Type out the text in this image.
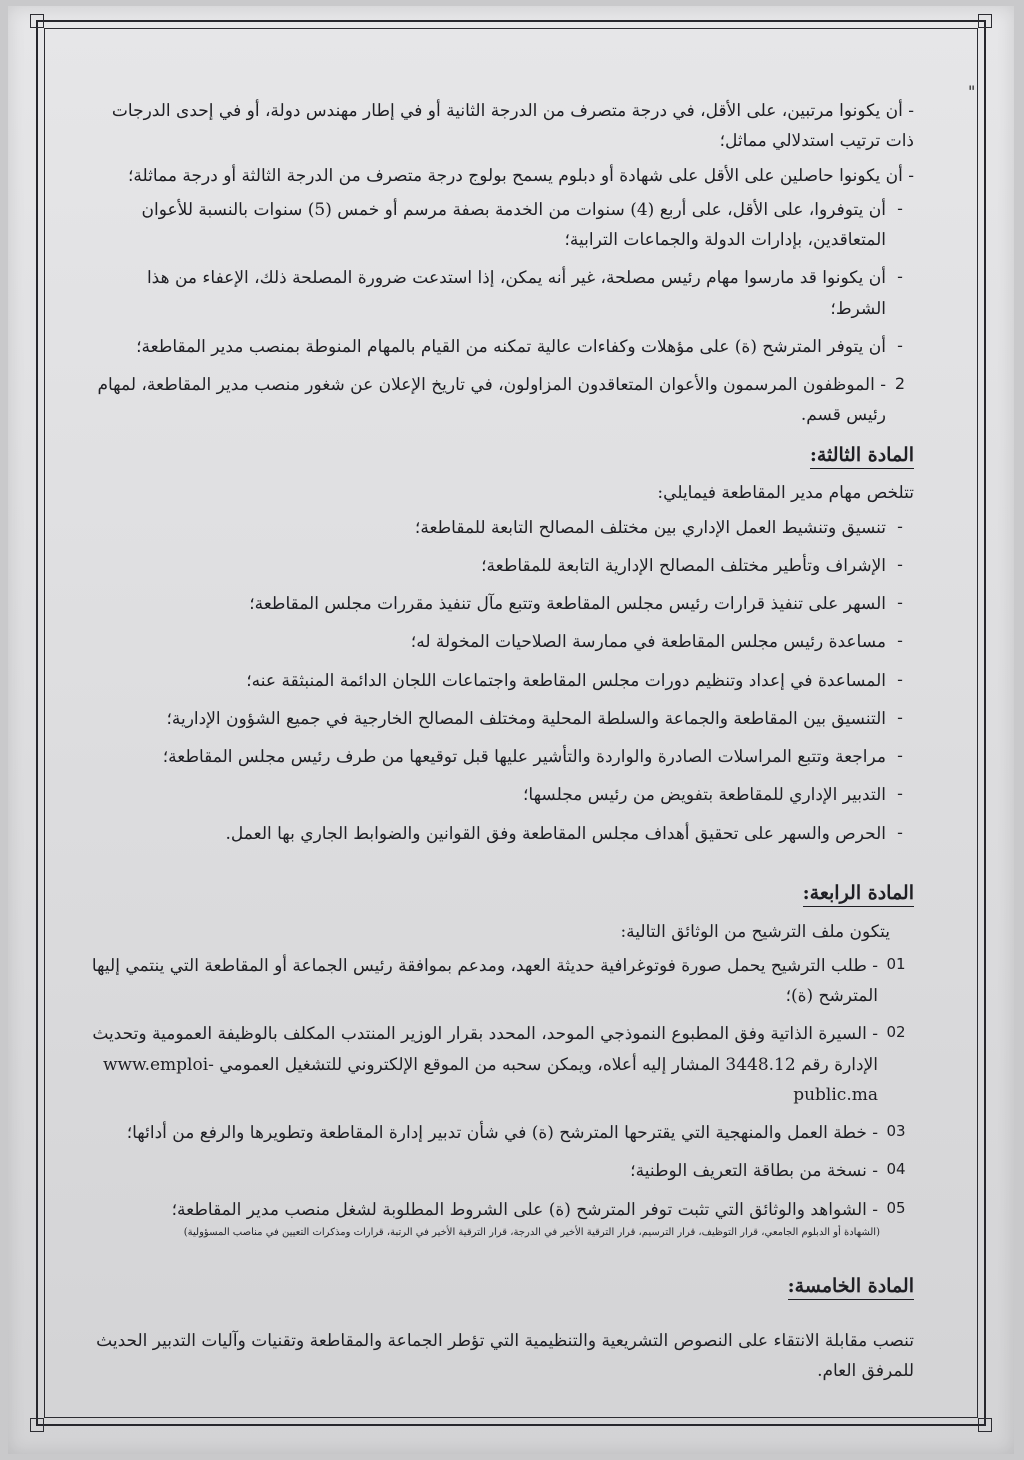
"

- أن يكونوا مرتبين، على الأقل، في درجة متصرف من الدرجة الثانية أو في إطار مهندس دولة، أو في إحدى الدرجات ذات ترتيب استدلالي مماثل؛

- أن يكونوا حاصلين على الأقل على شهادة أو دبلوم يسمح بولوج درجة متصرف من الدرجة الثالثة أو درجة مماثلة؛

-
أن يتوفروا، على الأقل، على أربع (4) سنوات من الخدمة بصفة مرسم أو خمس (5) سنوات بالنسبة للأعوان المتعاقدين، بإدارات الدولة والجماعات الترابية؛
-
أن يكونوا قد مارسوا مهام رئيس مصلحة، غير أنه يمكن، إذا استدعت ضرورة المصلحة ذلك، الإعفاء من هذا الشرط؛
-
أن يتوفر المترشح (ة) على مؤهلات وكفاءات عالية تمكنه من القيام بالمهام المنوطة بمنصب مدير المقاطعة؛
2
- الموظفون المرسمون والأعوان المتعاقدون المزاولون، في تاريخ الإعلان عن شغور منصب مدير المقاطعة، لمهام رئيس قسم.
المادة الثالثة:

تتلخص مهام مدير المقاطعة فيمايلي:

-
تنسيق وتنشيط العمل الإداري بين مختلف المصالح التابعة للمقاطعة؛
-
الإشراف وتأطير مختلف المصالح الإدارية التابعة للمقاطعة؛
-
السهر على تنفيذ قرارات رئيس مجلس المقاطعة وتتبع مآل تنفيذ مقررات مجلس المقاطعة؛
-
مساعدة رئيس مجلس المقاطعة في ممارسة الصلاحيات المخولة له؛
-
المساعدة في إعداد وتنظيم دورات مجلس المقاطعة واجتماعات اللجان الدائمة المنبثقة عنه؛
-
التنسيق بين المقاطعة والجماعة والسلطة المحلية ومختلف المصالح الخارجية في جميع الشؤون الإدارية؛
-
مراجعة وتتبع المراسلات الصادرة والواردة والتأشير عليها قبل توقيعها من طرف رئيس مجلس المقاطعة؛
-
التدبير الإداري للمقاطعة بتفويض من رئيس مجلسها؛
-
الحرص والسهر على تحقيق أهداف مجلس المقاطعة وفق القوانين والضوابط الجاري بها العمل.
المادة الرابعة:

يتكون ملف الترشيح من الوثائق التالية:

01
- طلب الترشيح يحمل صورة فوتوغرافية حديثة العهد، ومدعم بموافقة رئيس الجماعة أو المقاطعة التي ينتمي إليها المترشح (ة)؛
02
- السيرة الذاتية وفق المطبوع النموذجي الموحد، المحدد بقرار الوزير المنتدب المكلف بالوظيفة العمومية وتحديث الإدارة رقم 3448.12 المشار إليه أعلاه، ويمكن سحبه من الموقع الإلكتروني للتشغيل العمومي www.emploi-public.ma
03
- خطة العمل والمنهجية التي يقترحها المترشح (ة) في شأن تدبير إدارة المقاطعة وتطويرها والرفع من أدائها؛
04
- نسخة من بطاقة التعريف الوطنية؛
05
- الشواهد والوثائق التي تثبت توفر المترشح (ة) على الشروط المطلوبة لشغل منصب مدير المقاطعة؛

(الشهادة أو الدبلوم الجامعي، قرار التوظيف، قرار الترسيم، قرار الترقية الأخير في الدرجة، قرار الترقية الأخير في الرتبة، قرارات ومذكرات التعيين في مناصب المسؤولية)

المادة الخامسة:

تنصب مقابلة الانتقاء على النصوص التشريعية والتنظيمية التي تؤطر الجماعة والمقاطعة وتقنيات وآليات التدبير الحديث للمرفق العام.
